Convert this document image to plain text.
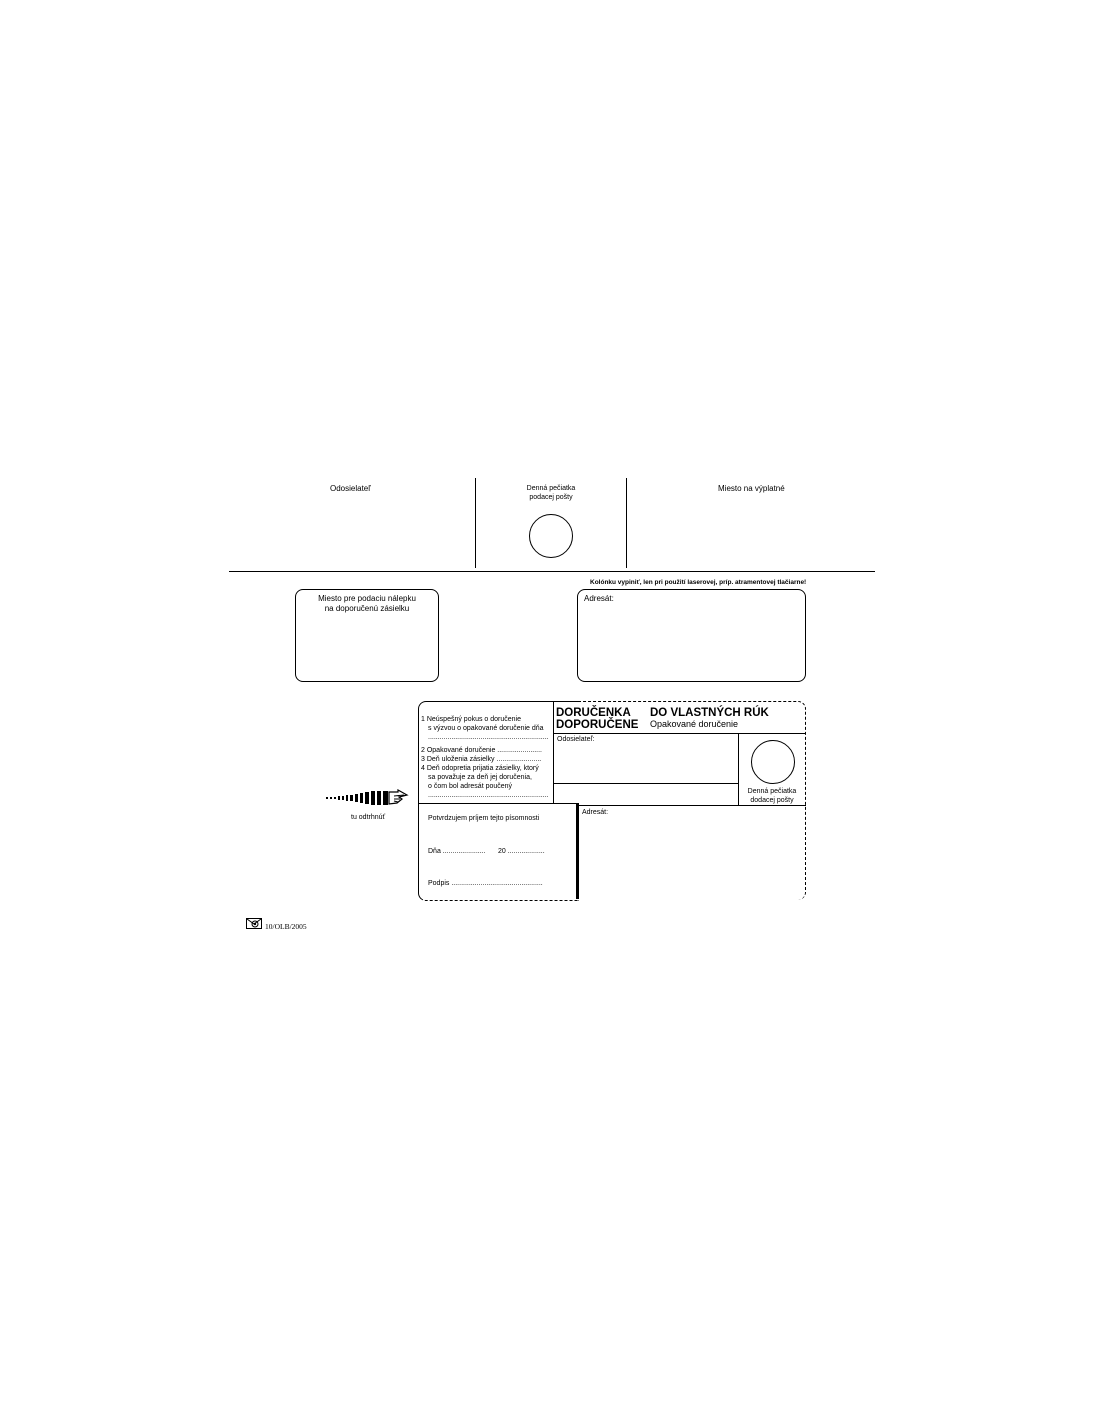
Odosielateľ	Denná pečiatka
podacej pošty
Miesto na výplatné
Miesto pre podaciu nálepku
na doporučenú zásielku
Kolónku vypiniť, len pri použití laserovej, príp. atramentovej tlačiarne!
Adresát:
1 Neúspešný pokus o doručenie
s výzvou o opakované doručenie dňa
..............................................................
2 Opakované doručenie .......................
3 Deň uloženia zásielky .......................
4 Deň odopretia prijatia zásielky, ktorý
sa považuje za deň jej doručenia,
o čom bol adresát poučený
..............................................................
DORUČENKA
DOPORUČENE
DO VLASTNÝCH RÚK
Opakované doručenie
Odosielateľ:
Denná pečiatka
dodacej pošty
Adresát:
Potvrdzujem príjem tejto písomnosti
Dňa ...................... 20 ...................
Podpis ...............................................
tu odtrhnúť
10/OLB/2005
